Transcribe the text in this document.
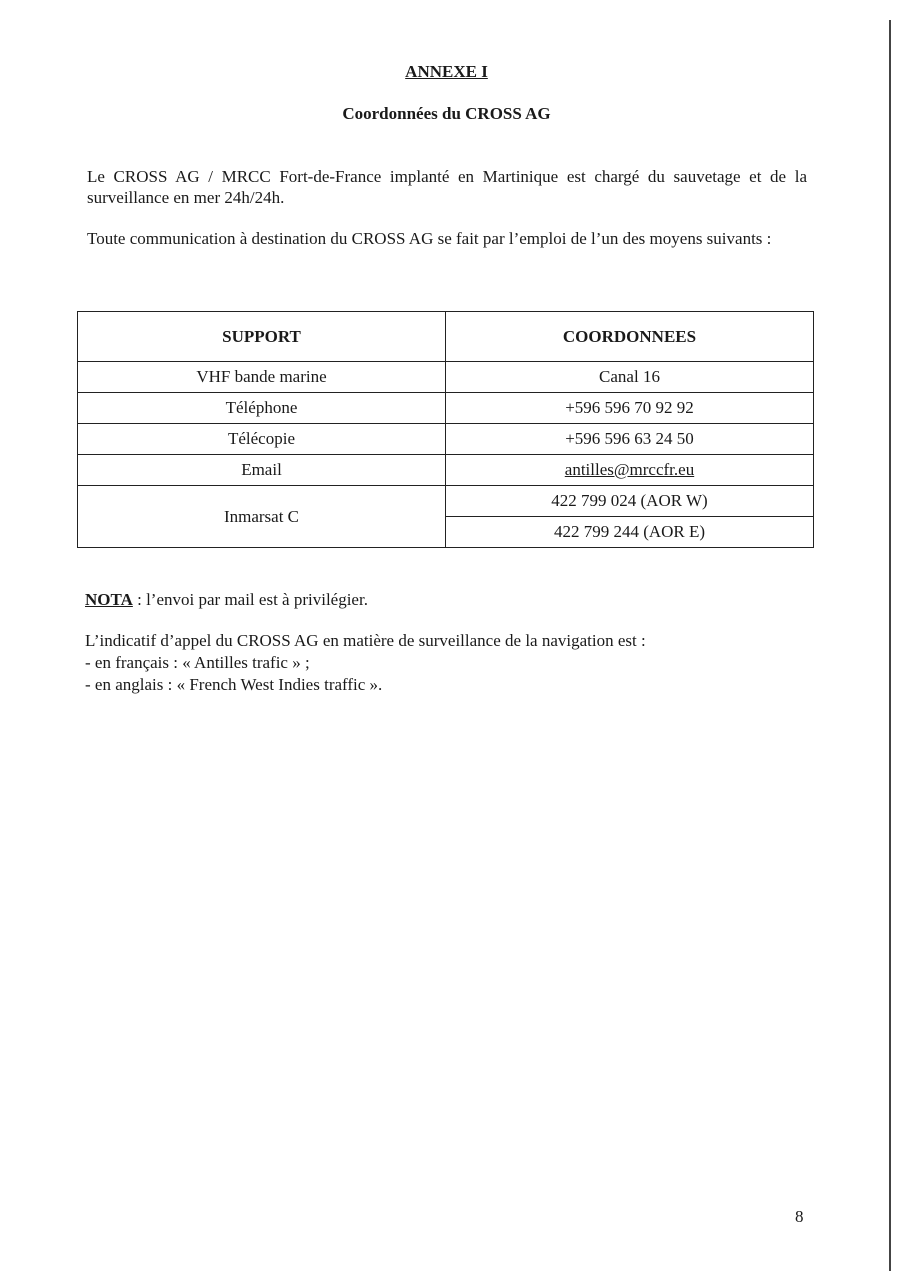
ANNEXE I
Coordonnées du CROSS AG
Le CROSS AG / MRCC Fort-de-France implanté en Martinique est chargé du sauvetage et de la surveillance en mer 24h/24h.
Toute communication à destination du CROSS AG se fait par l’emploi de l’un des moyens suivants :
SUPPORT	COORDONNEES
VHF bande marine	Canal 16
Téléphone	+596 596 70 92 92
Télécopie	+596 596 63 24 50
Email	antilles@mrccfr.eu
Inmarsat C	422 799 024 (AOR W)
	422 799 244 (AOR E)
NOTA : l’envoi par mail est à privilégier.
L’indicatif d’appel du CROSS AG en matière de surveillance de la navigation est :
- en français : « Antilles trafic » ;
- en anglais : « French West Indies traffic ».
8
